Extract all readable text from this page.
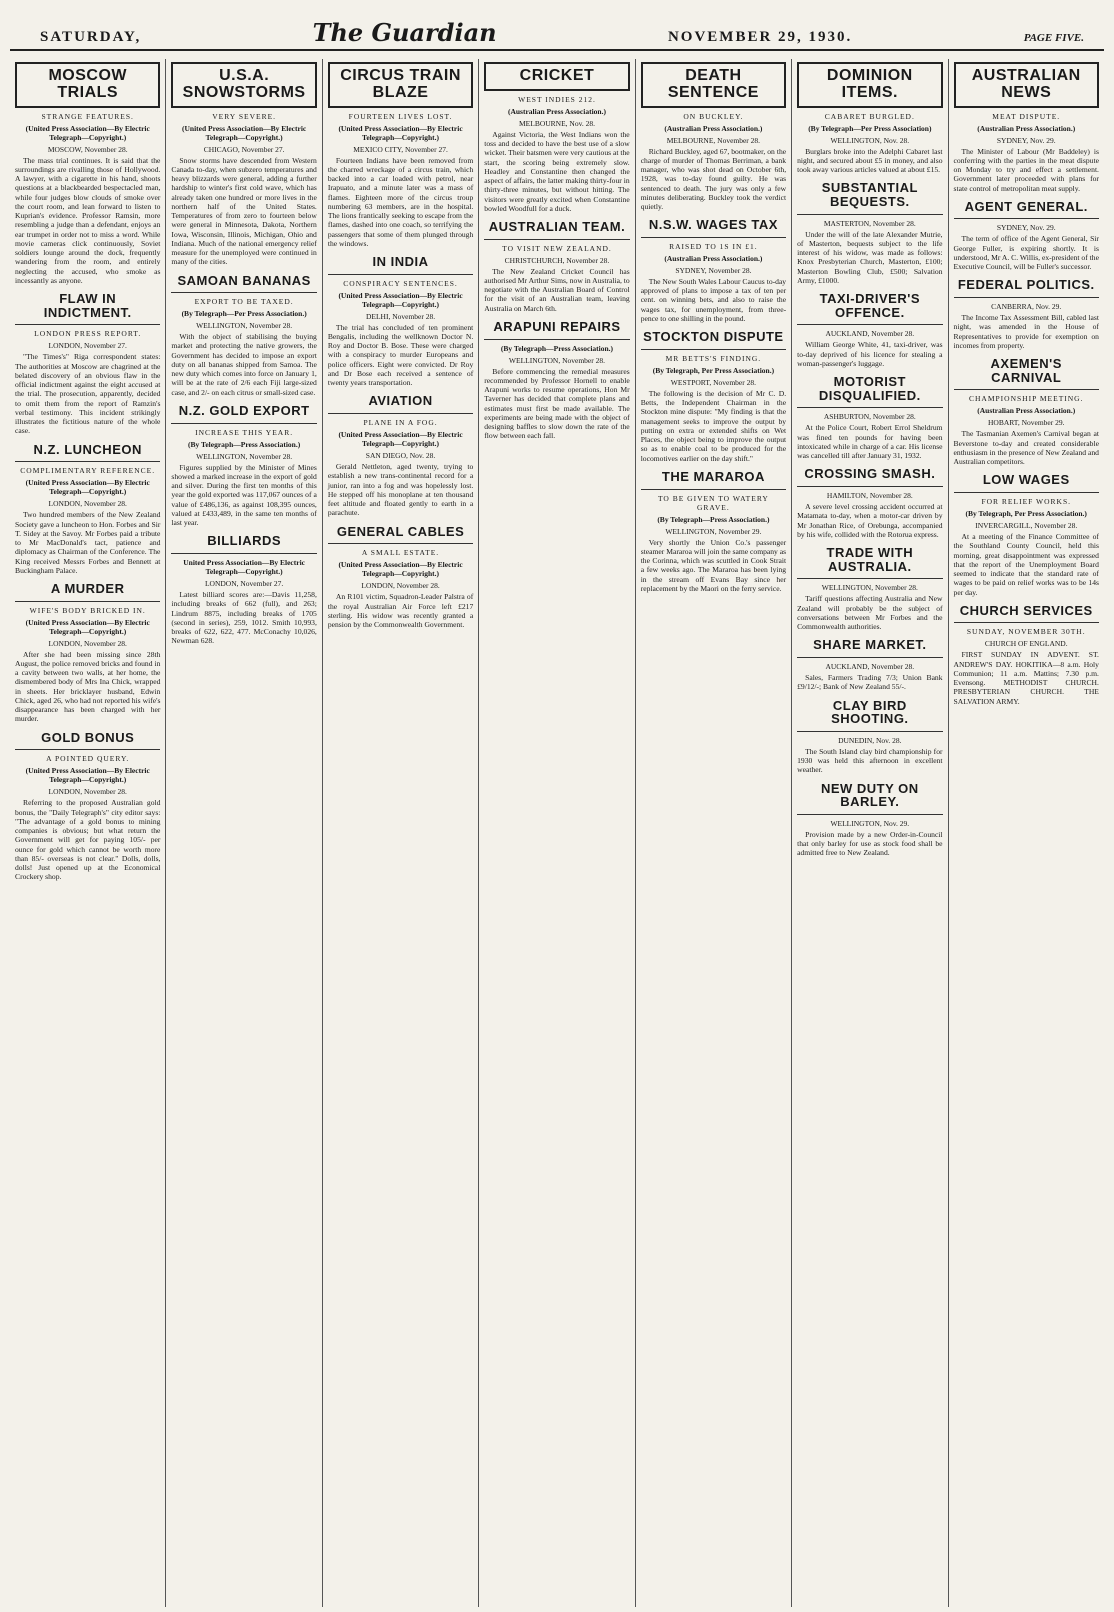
SATURDAY,	The Guardian	NOVEMBER 29, 1930.	PAGE FIVE.
MOSCOW TRIALS
STRANGE FEATURES.
(United Press Association—By Electric Telegraph—Copyright.)
MOSCOW, November 28.
The mass trial continues. It is said that the surroundings are rivalling those of Hollywood. A lawyer, with a cigarette in his hand, shoots questions at a blackbearded bespectacled man, while four judges blow clouds of smoke over the court room, and lean forward to listen to Kuprian's evidence. Professor Ramsin, more resembling a judge than a defendant, enjoys an ear trumpet in order not to miss a word. While movie cameras click continuously, Soviet soldiers lounge around the dock, frequently wandering from the room, and entirely neglecting the accused, who smoke as incessantly as anyone.
FLAW IN INDICTMENT.
LONDON PRESS REPORT.
LONDON, November 27.
"The Times's" Riga correspondent states: The authorities at Moscow are chagrined at the belated discovery of an obvious flaw in the official indictment against the eight accused at the trial. The prosecution, apparently, decided to omit them from the report of Ramzin's verbal testimony. This incident strikingly illustrates the fictitious nature of the whole case.
N.Z. LUNCHEON
COMPLIMENTARY REFERENCE.
(United Press Association—By Electric Telegraph—Copyright.)
LONDON, November 28.
Two hundred members of the New Zealand Society gave a luncheon to Hon. Forbes and Sir T. Sidey at the Savoy. Mr Forbes paid a tribute to Mr MacDonald's tact, patience and diplomacy as Chairman of the Conference. The King received Messrs Forbes and Bennett at Buckingham Palace.
A MURDER
WIFE'S BODY BRICKED IN.
(United Press Association—By Electric Telegraph—Copyright.)
LONDON, November 28.
After she had been missing since 28th August, the police removed bricks and found in a cavity between two walls, at her home, the dismembered body of Mrs Ina Chick, wrapped in sheets. Her bricklayer husband, Edwin Chick, aged 26, who had not reported his wife's disappearance has been charged with her murder.
GOLD BONUS
A POINTED QUERY.
(United Press Association—By Electric Telegraph—Copyright.)
LONDON, November 28.
Referring to the proposed Australian gold bonus, the "Daily Telegraph's" city editor says: "The advantage of a gold bonus to mining companies is obvious; but what return the Government will get for paying 105/- per ounce for gold which cannot be worth more than 85/- overseas is not clear." Dolls, dolls, dolls! Just opened up at the Economical Crockery shop.
U.S.A. SNOWSTORMS
VERY SEVERE.
(United Press Association—By Electric Telegraph—Copyright.)
CHICAGO, November 27.
Snow storms have descended from Western Canada to-day, when subzero temperatures and heavy blizzards were general, adding a further hardship to winter's first cold wave, which has already taken one hundred or more lives in the northern half of the United States. Temperatures of from zero to fourteen below were general in Minnesota, Dakota, Northern Iowa, Wisconsin, Illinois, Michigan, Ohio and Indiana. Much of the national emergency relief measure for the unemployed were continued in many of the cities.
SAMOAN BANANAS
EXPORT TO BE TAXED.
(By Telegraph—Per Press Association.)
WELLINGTON, November 28.
With the object of stabilising the buying market and protecting the native growers, the Government has decided to impose an export duty on all bananas shipped from Samoa. The new duty which comes into force on January 1, will be at the rate of 2/6 each Fiji large-sized case, and 2/- on each citrus or small-sized case.
N.Z. GOLD EXPORT
INCREASE THIS YEAR.
(By Telegraph—Press Association.)
WELLINGTON, November 28.
Figures supplied by the Minister of Mines showed a marked increase in the export of gold and silver. During the first ten months of this year the gold exported was 117,067 ounces of a value of £486,136, as against 108,395 ounces, valued at £433,489, in the same ten months of last year.
BILLIARDS
United Press Association—By Electric Telegraph—Copyright.)
LONDON, November 27.
Latest billiard scores are:—Davis 11,258, including breaks of 662 (full), and 263; Lindrum 8875, including breaks of 1705 (second in series), 259, 1012. Smith 10,993, breaks of 622, 622, 477. McConachy 10,026, Newman 628.
CIRCUS TRAIN BLAZE
FOURTEEN LIVES LOST.
(United Press Association—By Electric Telegraph—Copyright.)
MEXICO CITY, November 27.
Fourteen Indians have been removed from the charred wreckage of a circus train, which backed into a car loaded with petrol, near Irapuato, and a minute later was a mass of flames. Eighteen more of the circus troup numbering 63 members, are in the hospital. The lions frantically seeking to escape from the flames, dashed into one coach, so terrifying the passengers that some of them plunged through the windows.
IN INDIA
CONSPIRACY SENTENCES.
(United Press Association—By Electric Telegraph—Copyright.)
DELHI, November 28.
The trial has concluded of ten prominent Bengalis, including the wellknown Doctor N. Roy and Doctor B. Bose. These were charged with a conspiracy to murder Europeans and police officers. Eight were convicted. Dr Roy and Dr Bose each received a sentence of twenty years transportation.
AVIATION
PLANE IN A FOG.
(United Press Association—By Electric Telegraph—Copyright.)
SAN DIEGO, Nov. 28.
Gerald Nettleton, aged twenty, trying to establish a new trans-continental record for a junior, ran into a fog and was hopelessly lost. He stepped off his monoplane at ten thousand feet altitude and floated gently to earth in a parachute.
GENERAL CABLES
A SMALL ESTATE.
(United Press Association—By Electric Telegraph—Copyright.)
LONDON, November 28.
An R101 victim, Squadron-Leader Palstra of the royal Australian Air Force left £217 sterling. His widow was recently granted a pension by the Commonwealth Government.
CRICKET
WEST INDIES 212.
(Australian Press Association.)
MELBOURNE, Nov. 28.
Against Victoria, the West Indians won the toss and decided to have the best use of a slow wicket. Their batsmen were very cautious at the start, the scoring being extremely slow. Headley and Constantine then changed the aspect of affairs, the latter making thirty-four in thirty-three minutes, but without hitting. The visitors were greatly excited when Constantine bowled Woodfull for a duck.
AUSTRALIAN TEAM.
TO VISIT NEW ZEALAND.
CHRISTCHURCH, November 28.
The New Zealand Cricket Council has authorised Mr Arthur Sims, now in Australia, to negotiate with the Australian Board of Control for the visit of an Australian team, leaving Australia on March 6th.
ARAPUNI REPAIRS
(By Telegraph—Press Association.)
WELLINGTON, November 28.
Before commencing the remedial measures recommended by Professor Hornell to enable Arapuni works to resume operations, Hon Mr Taverner has decided that complete plans and estimates must first be made available. The experiments are being made with the object of designing baffles to slow down the rate of the flow between each fall.
DEATH SENTENCE
ON BUCKLEY.
(Australian Press Association.)
MELBOURNE, November 28.
Richard Buckley, aged 67, bootmaker, on the charge of murder of Thomas Berriman, a bank manager, who was shot dead on October 6th, 1928, was to-day found guilty. He was sentenced to death. The jury was only a few minutes deliberating. Buckley took the verdict quietly.
N.S.W. WAGES TAX
RAISED TO 1S IN £1.
(Australian Press Association.)
SYDNEY, November 28.
The New South Wales Labour Caucus to-day approved of plans to impose a tax of ten per cent. on winning bets, and also to raise the wages tax, for unemployment, from three-pence to one shilling in the pound.
STOCKTON DISPUTE
MR BETTS'S FINDING.
(By Telegraph, Per Press Association.)
WESTPORT, November 28.
The following is the decision of Mr C. D. Betts, the Independent Chairman in the Stockton mine dispute: "My finding is that the management seeks to improve the output by putting on extra or extended shifts on Wet Places, the object being to improve the output so as to enable coal to be produced for the locomotives earlier on the day shift."
THE MARAROA
TO BE GIVEN TO WATERY GRAVE.
(By Telegraph—Press Association.)
WELLINGTON, November 29.
Very shortly the Union Co.'s passenger steamer Mararoa will join the same company as the Corinna, which was scuttled in Cook Strait a few weeks ago. The Mararoa has been lying in the stream off Evans Bay since her replacement by the Maori on the ferry service.
DOMINION ITEMS.
CABARET BURGLED.
(By Telegraph—Per Press Association)
WELLINGTON, Nov. 28.
Burglars broke into the Adelphi Cabaret last night, and secured about £5 in money, and also took away various articles valued at about £15.
SUBSTANTIAL BEQUESTS.
MASTERTON, November 28.
Under the will of the late Alexander Mutrie, of Masterton, bequests subject to the life interest of his widow, was made as follows: Knox Presbyterian Church, Masterton, £100; Masterton Bowling Club, £500; Salvation Army, £1000.
TAXI-DRIVER'S OFFENCE.
AUCKLAND, November 28.
William George White, 41, taxi-driver, was to-day deprived of his licence for stealing a woman-passenger's luggage.
MOTORIST DISQUALIFIED.
ASHBURTON, November 28.
At the Police Court, Robert Errol Sheldrum was fined ten pounds for having been intoxicated while in charge of a car. His license was cancelled till after January 31, 1932.
CROSSING SMASH.
HAMILTON, November 28.
A severe level crossing accident occurred at Matamata to-day, when a motor-car driven by Mr Jonathan Rice, of Orebunga, accompanied by his wife, collided with the Rotorua express.
TRADE WITH AUSTRALIA.
WELLINGTON, November 28.
Tariff questions affecting Australia and New Zealand will probably be the subject of conversations between Mr Forbes and the Commonwealth authorities.
SHARE MARKET.
AUCKLAND, November 28.
Sales, Farmers Trading 7/3; Union Bank £9/12/-; Bank of New Zealand 55/-.
CLAY BIRD SHOOTING.
DUNEDIN, Nov. 28.
The South Island clay bird championship for 1930 was held this afternoon in excellent weather.
NEW DUTY ON BARLEY.
WELLINGTON, Nov. 29.
Provision made by a new Order-in-Council that only barley for use as stock food shall be admitted free to New Zealand.
AUSTRALIAN NEWS
MEAT DISPUTE.
(Australian Press Association.)
SYDNEY, Nov. 29.
The Minister of Labour (Mr Baddeley) is conferring with the parties in the meat dispute on Monday to try and effect a settlement. Government later proceeded with plans for state control of metropolitan meat supply.
AGENT GENERAL.
SYDNEY, Nov. 29.
The term of office of the Agent General, Sir George Fuller, is expiring shortly. It is understood, Mr A. C. Willis, ex-president of the Executive Council, will be Fuller's successor.
FEDERAL POLITICS.
CANBERRA, Nov. 29.
The Income Tax Assessment Bill, cabled last night, was amended in the House of Representatives to provide for exemption on incomes from property.
AXEMEN'S CARNIVAL
CHAMPIONSHIP MEETING.
(Australian Press Association.)
HOBART, November 29.
The Tasmanian Axemen's Carnival began at Beverstone to-day and created considerable enthusiasm in the presence of New Zealand and Australian competitors.
LOW WAGES
FOR RELIEF WORKS.
(By Telegraph, Per Press Association.)
INVERCARGILL, November 28.
At a meeting of the Finance Committee of the Southland County Council, held this morning, great disappointment was expressed that the report of the Unemployment Board seemed to indicate that the standard rate of wages to be paid on relief works was to be 14s per day.
CHURCH SERVICES
SUNDAY, NOVEMBER 30TH.
CHURCH OF ENGLAND.
FIRST SUNDAY IN ADVENT. ST. ANDREW'S DAY. HOKITIKA—8 a.m. Holy Communion; 11 a.m. Mattins; 7.30 p.m. Evensong. METHODIST CHURCH. PRESBYTERIAN CHURCH. THE SALVATION ARMY.
